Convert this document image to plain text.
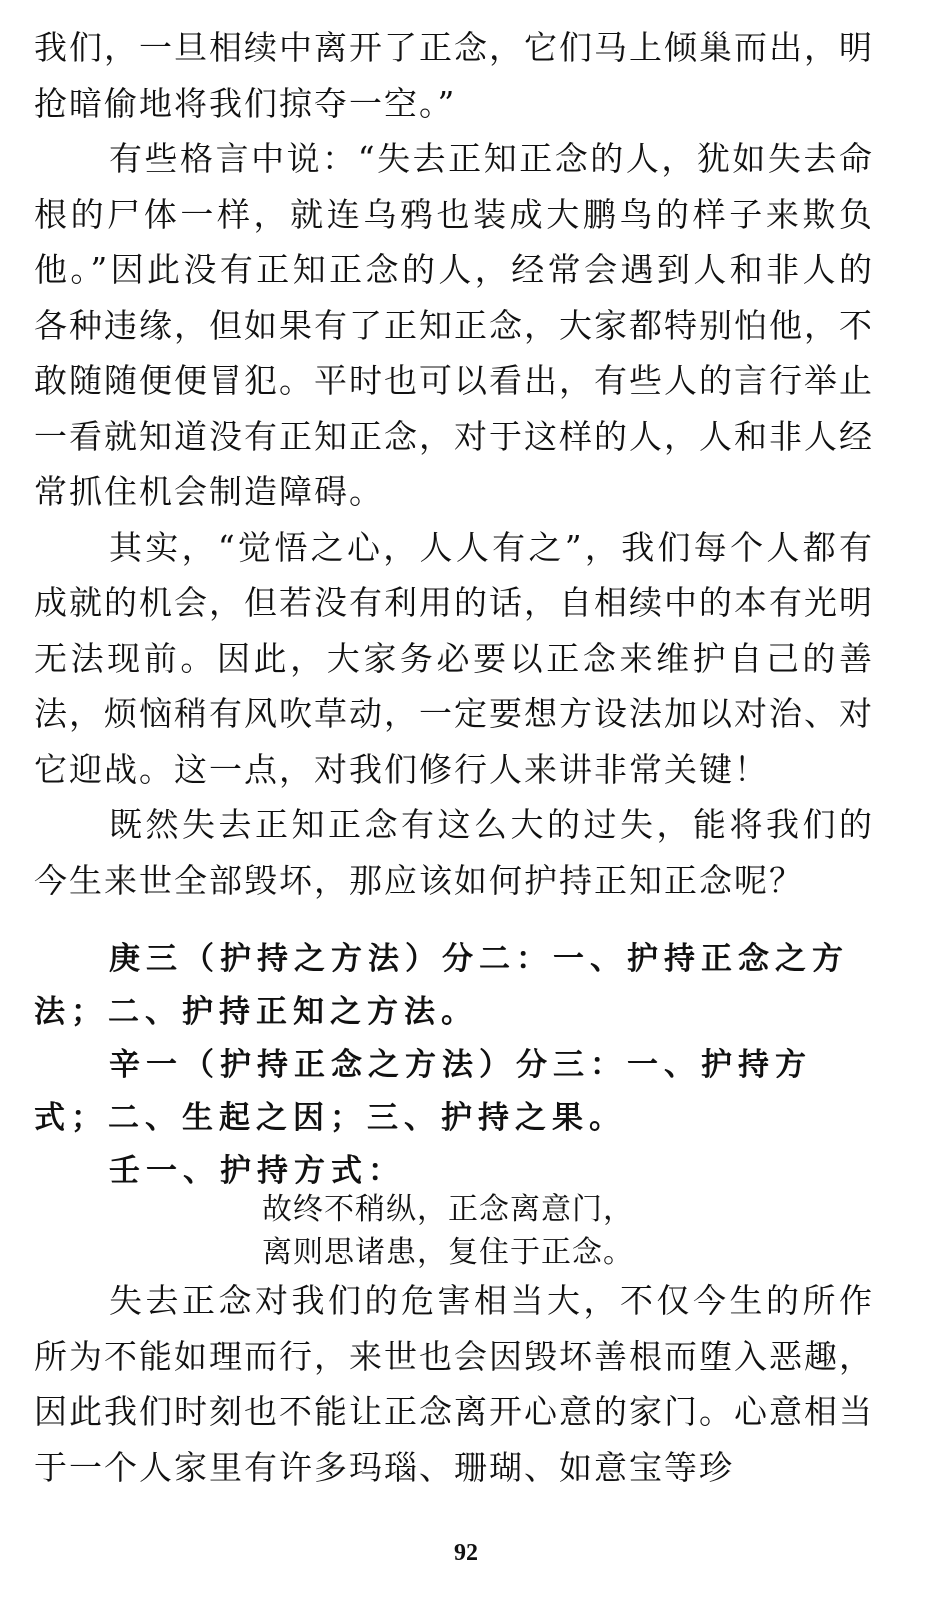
我们，一旦相续中离开了正念，它们马上倾巢而出，明抢暗偷地将我们掠夺一空。”

有些格言中说：“失去正知正念的人，犹如失去命根的尸体一样，就连乌鸦也装成大鹏鸟的样子来欺负他。”因此没有正知正念的人，经常会遇到人和非人的各种违缘，但如果有了正知正念，大家都特别怕他，不敢随随便便冒犯。平时也可以看出，有些人的言行举止一看就知道没有正知正念，对于这样的人，人和非人经常抓住机会制造障碍。

其实，“觉悟之心，人人有之”，我们每个人都有成就的机会，但若没有利用的话，自相续中的本有光明无法现前。因此，大家务必要以正念来维护自己的善法，烦恼稍有风吹草动，一定要想方设法加以对治、对它迎战。这一点，对我们修行人来讲非常关键！

既然失去正知正念有这么大的过失，能将我们的今生来世全部毁坏，那应该如何护持正知正念呢？

庚三（护持之方法）分二：一、护持正念之方法；二、护持正知之方法。

辛一（护持正念之方法）分三：一、护持方式；二、生起之因；三、护持之果。

壬一、护持方式：

故终不稍纵，正念离意门，

离则思诸患，复住于正念。

失去正念对我们的危害相当大，不仅今生的所作所为不能如理而行，来世也会因毁坏善根而堕入恶趣，因此我们时刻也不能让正念离开心意的家门。心意相当于一个人家里有许多玛瑙、珊瑚、如意宝等珍

92
